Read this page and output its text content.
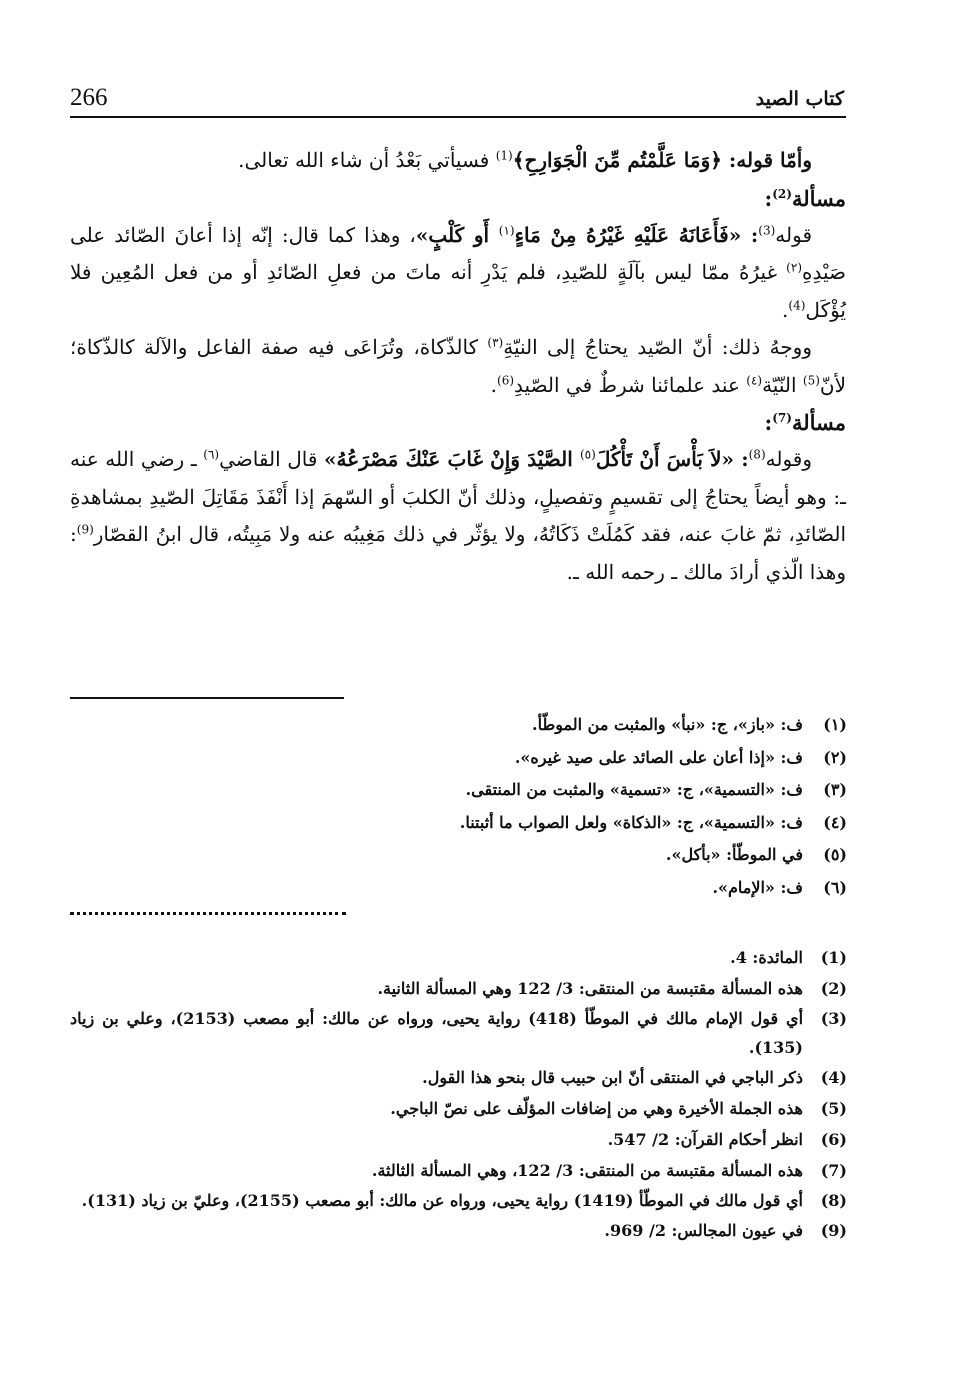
266	كتاب الصيد

وأمّا قوله: ﴿وَمَا عَلَّمْتُم مِّنَ الْجَوَارِحِ﴾$^{(1)}$ فسيأتي بَعْدُ أن شاء الله تعالى.

مسألة$^{(2)}$:

قوله$^{(3)}$: «فَأَعَانَهُ عَلَيْهِ غَيْرُهُ مِنْ مَاءٍ$^{(١)}$ أَو كَلْبٍ»، وهذا كما قال: إنّه إذا أعانَ الصّائد على صَيْدِهِ$^{(٢)}$ غيرُهُ ممّا ليس بآلَةٍ للصّيدِ، فلم يَدْرِ أنه ماتَ من فعلِ الصّائدِ أو من فعل المُعِين فلا يُؤْكَل$^{(4)}$.

ووجهُ ذلك: أنّ الصّيد يحتاجُ إلى النيّةِ$^{(٣)}$ كالذّكاة، وتُرَاعَى فيه صفة الفاعل والآلة كالذّكاة؛ لأنّ$^{(5)}$ النّيّة$^{(٤)}$ عند علمائنا شرطٌ في الصّيدِ$^{(6)}$.

مسألة$^{(7)}$:

وقوله$^{(8)}$: «لاَ بَأْسَ أَنْ تَأْكُلَ$^{(٥)}$ الصَّيْدَ وَإِنْ غَابَ عَنْكَ مَصْرَعُهُ» قال القاضي$^{(٦)}$ ـ رضي الله عنه ـ: وهو أيضاً يحتاجُ إلى تقسيمٍ وتفصيلٍ، وذلك أنّ الكلبَ أو السّهمَ إذا أَنْفَذَ مَقَاتِلَ الصّيدِ بمشاهدةِ الصّائدِ، ثمّ غابَ عنه، فقد كَمُلَتْ ذَكَاتُهُ، ولا يؤثّر في ذلك مَغِيبُه عنه ولا مَبِيتُه، قال ابنُ القصّار$^{(9)}$: وهذا الّذي أرادَ مالك ـ رحمه الله ـ.

(١)
ف: «باز»، ج: «نبأ» والمثبت من الموطّأ.
(٢)
ف: «إذا أعان على الصائد على صيد غيره».
(٣)
ف: «التسمية»، ج: «تسمية» والمثبت من المنتقى.
(٤)
ف: «التسمية»، ج: «الذكاة» ولعل الصواب ما أثبتنا.
(٥)
في الموطّأ: «بأكل».
(٦)
ف: «الإمام».
(1)
المائدة: 4.
(2)
هذه المسألة مقتبسة من المنتقى: 3/ 122 وهي المسألة الثانية.
(3)
أي قول الإمام مالك في الموطّأ (418) رواية يحيى، ورواه عن مالك: أبو مصعب (2153)، وعلي بن زياد (135).
(4)
ذكر الباجي في المنتقى أنّ ابن حبيب قال بنحو هذا القول.
(5)
هذه الجملة الأخيرة وهي من إضافات المؤلّف على نصّ الباجي.
(6)
انظر أحكام القرآن: 2/ 547.
(7)
هذه المسألة مقتبسة من المنتقى: 3/ 122، وهي المسألة الثالثة.
(8)
أي قول مالك في الموطّأ (1419) رواية يحيى، ورواه عن مالك: أبو مصعب (2155)، وعليّ بن زياد (131).
(9)
في عيون المجالس: 2/ 969.
